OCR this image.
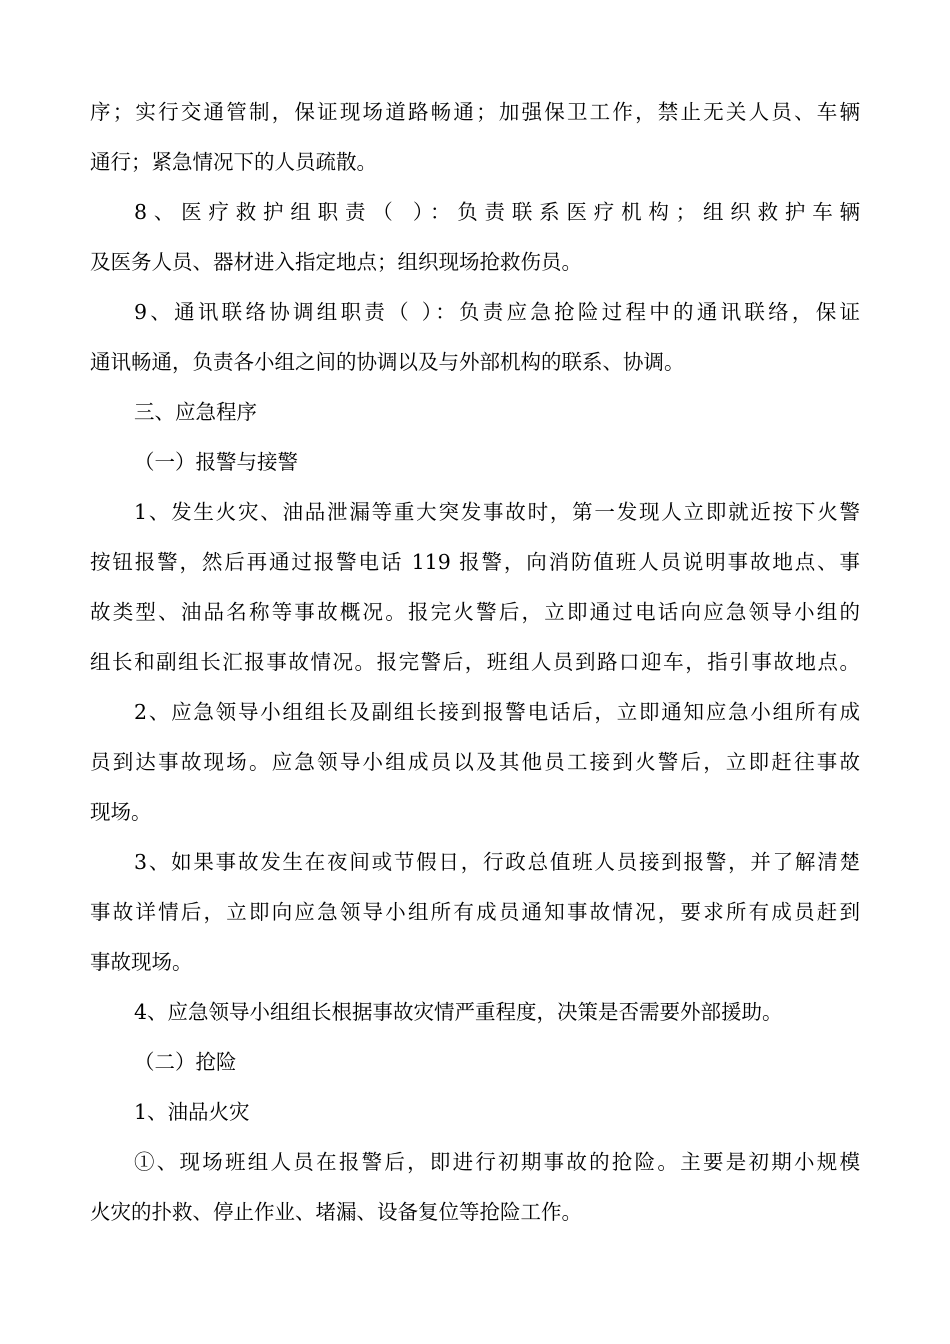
序；实行交通管制，保证现场道路畅通；加强保卫工作，禁止无关人员、车辆
通行；紧急情况下的人员疏散。
8、医疗救护组职责（ ）：负责联系医疗机构；组织救护车辆
及医务人员、器材进入指定地点；组织现场抢救伤员。
9、通讯联络协调组职责（ ）：负责应急抢险过程中的通讯联络，保证
通讯畅通，负责各小组之间的协调以及与外部机构的联系、协调。
三、应急程序
（一）报警与接警
1、发生火灾、油品泄漏等重大突发事故时，第一发现人立即就近按下火警
按钮报警，然后再通过报警电话 119 报警，向消防值班人员说明事故地点、事
故类型、油品名称等事故概况。报完火警后，立即通过电话向应急领导小组的
组长和副组长汇报事故情况。报完警后，班组人员到路口迎车，指引事故地点。
2、应急领导小组组长及副组长接到报警电话后，立即通知应急小组所有成
员到达事故现场。应急领导小组成员以及其他员工接到火警后，立即赶往事故
现场。
3、如果事故发生在夜间或节假日，行政总值班人员接到报警，并了解清楚
事故详情后，立即向应急领导小组所有成员通知事故情况，要求所有成员赶到
事故现场。
4、应急领导小组组长根据事故灾情严重程度，决策是否需要外部援助。
（二）抢险
1、油品火灾
①、现场班组人员在报警后，即进行初期事故的抢险。主要是初期小规模
火灾的扑救、停止作业、堵漏、设备复位等抢险工作。
